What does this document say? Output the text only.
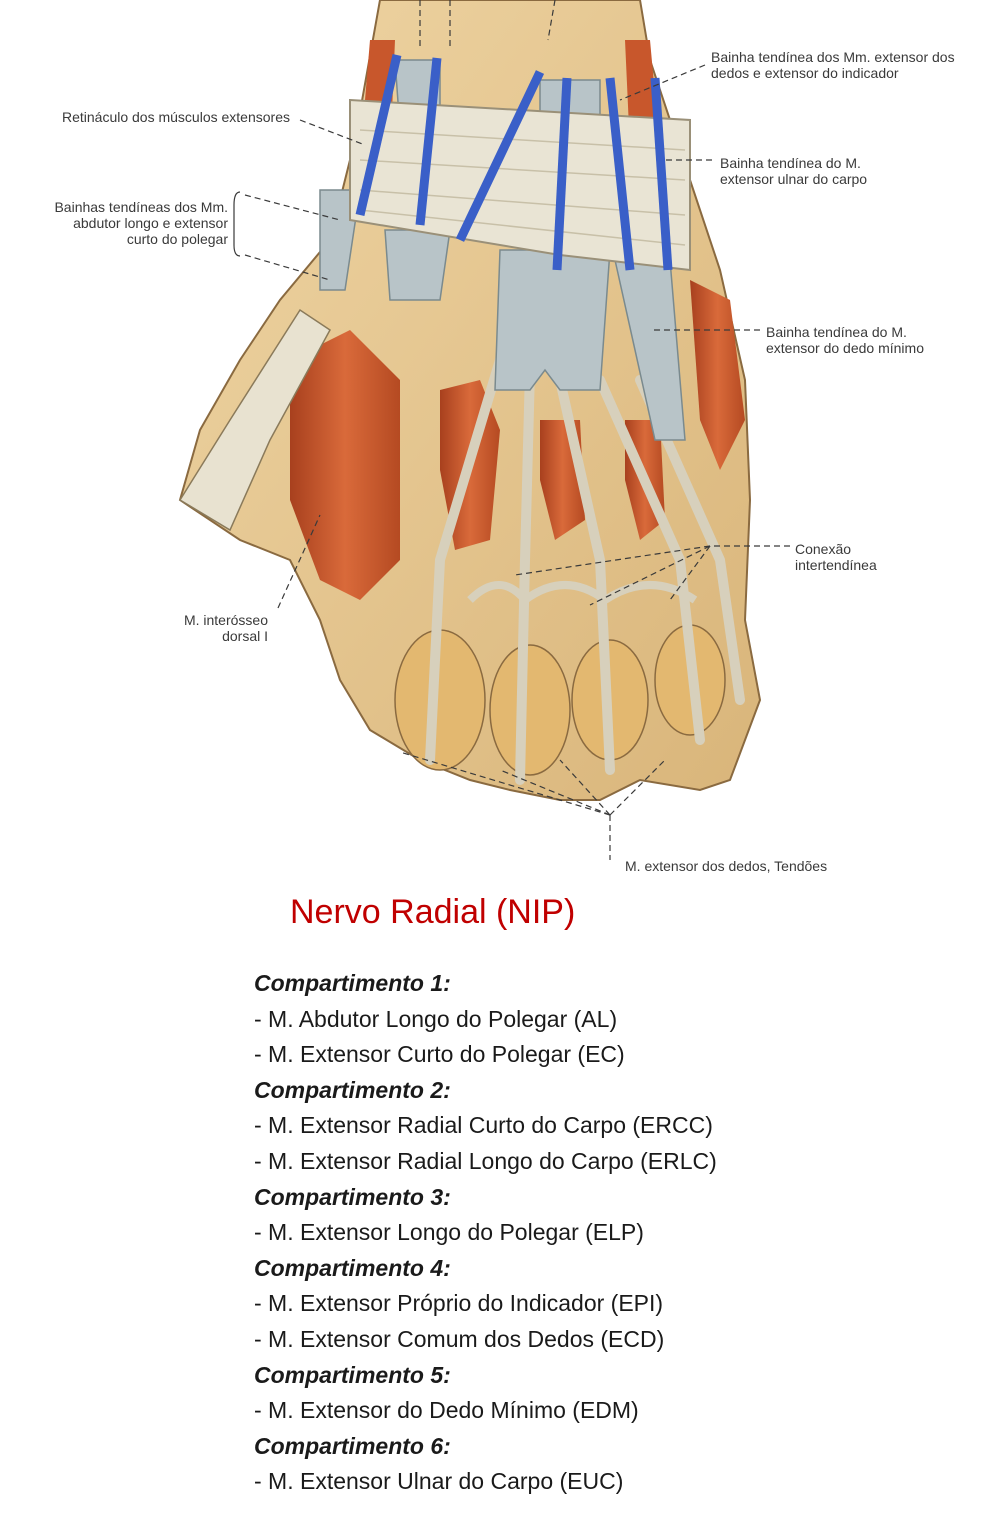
Bainha tendínea dos Mm. extensor dos
dedos e extensor do indicador
Retináculo dos músculos extensores
Bainha tendínea do M.
extensor ulnar do carpo
Bainhas tendíneas dos Mm.
abdutor longo e extensor
curto do polegar
Bainha tendínea do M.
extensor do dedo mínimo
Conexão
intertendínea
M. interósseo
dorsal I
M. extensor dos dedos, Tendões
Nervo Radial (NIP)
Compartimento 1:
- M. Abdutor Longo do Polegar (AL)
- M. Extensor Curto do Polegar (EC)
Compartimento 2:
- M. Extensor Radial Curto do Carpo (ERCC)
- M. Extensor Radial Longo do Carpo (ERLC)
Compartimento 3:
- M. Extensor Longo do Polegar (ELP)
Compartimento 4:
- M. Extensor Próprio do Indicador (EPI)
- M. Extensor Comum dos Dedos (ECD)
Compartimento 5:
- M. Extensor do Dedo Mínimo (EDM)
Compartimento 6:
- M. Extensor Ulnar do Carpo (EUC)
